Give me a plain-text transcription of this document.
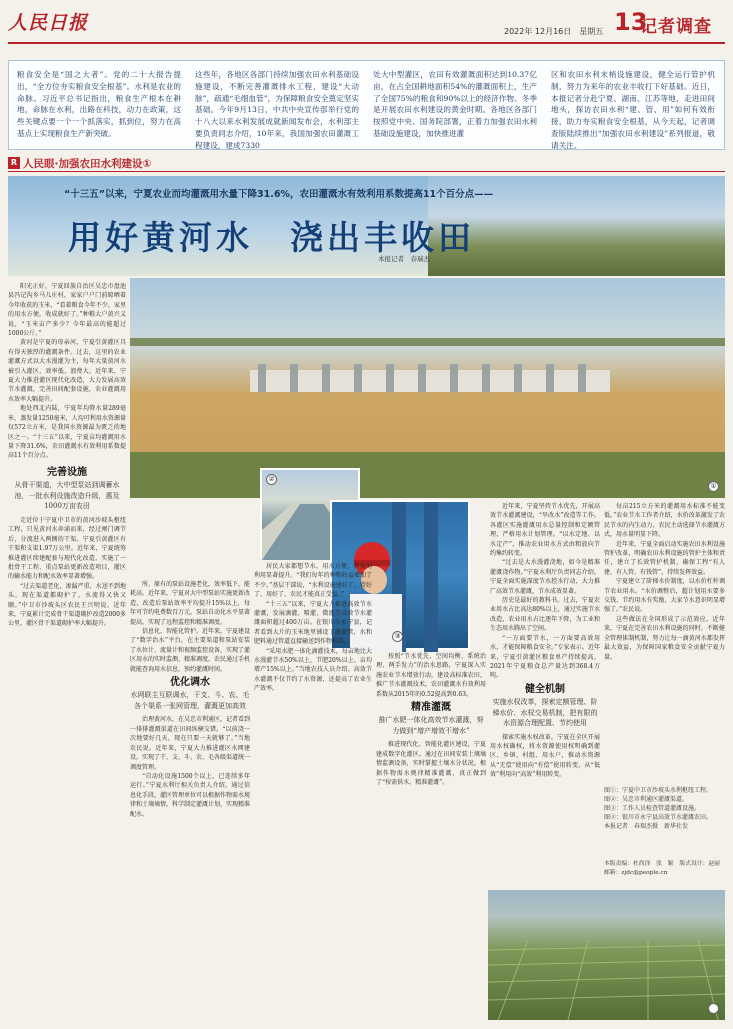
人民日报	2022年 12月16日　星期五 13
记者调查
粮食安全是“国之大者”。党的二十大报告提出，“全方位夯实粮食安全根基”。水利是农业的命脉。习近平总书记指出，粮食生产根本在耕地，命脉在水利，出路在科技，动力在政策，这些关键点要一个一个抓落实，抓到位，努力在高基点上实现粮食生产新突破。
这些年，各地区各部门持续加强农田水利基础设施建设，不断完善灌溉排水工程，建设“大动脉”，疏通“毛细血管”，为保障粮食安全奠定坚实基础。今年9月13日，中共中央宣传部举行党的十八大以来水利发展成就新闻发布会，水利部主要负责同志介绍，10年来，我国加强农田灌溉工程建设，建成7330
处大中型灌区，农田有效灌溉面积达到10.37亿亩，在占全国耕地面积54%的灌溉面积上，生产了全国75%的粮食和90%以上的经济作物。冬季是开展农田水利建设的黄金时期。各地区各部门按照党中央、国务院部署，正着力加强农田水利基础设施建设，加快推进灌
区和农田水利末梢设施建设，健全运行管护机制，努力为来年的农业丰收打下好基础。近日，本报记者分赴宁夏、湖南、江苏等地，走进田间地头，探访农田水利“建、管、用”如何有效衔接，助力夯实粮食安全根基，从今天起，记者调查版陆续推出“加强农田水利建设”系列报道，敬请关注。
R 人民眼·加强农田水利建设①
“十三五”以来，宁夏农业而均灌溉用水量下降31.6%，农田灌溉水有效利用系数提高11个百分点——
用好黄河水　浇出丰收田
本报记者　春瑞杰
①
②
③

阳光正好，宁夏回族自治区吴忠市盘池县冯记沟乡马儿庄村，家家户户门前晾晒着今年收获的玉米，“看着粮食今年不少，家里的用水方便，收成就好了。”种粮大户黄兴义说，“玉米亩产多少？今年最高的能超过1000公斤。”

黄河是宁夏的母亲河，宁夏引黄灌区具有得天独厚的灌溉条件。过去，这里的农业灌溉方式以大水漫灌为主，每年大量黄河水被引入灌区，效率低、浪费大。近年来，宁夏大力推进灌区现代化改造，大力发展高效节水灌溉，完善田间配套设施，农业灌溉用水效率大幅提升。

地处西北内陆，宁夏年均降水量289毫米，蒸发量1250毫米，人均可利用水资源量仅572立方米，是我国水资源最为匮乏的地区之一。“十三五”以来，宁夏亩均灌溉用水量下降31.6%，农田灌溉水有效利用系数提高11个百分点。

完善设施

从骨干渠道，大中型泵站到调蓄水池，一批水利设施改造升级，惠及1000万亩农田

走近位于宁夏中卫市的黄河沙坡头枢纽工程，只见黄河水奔涌而来，经过闸门调节后，分流进入两侧的干渠。宁夏引黄灌区有干渠和支渠1.97万公里。近年来，宁夏统筹推进灌区续建配套与现代化改造，实施了一批骨干工程、重点泵站更新改造项目，灌区的输水能力和配水效率显著增强。

“过去渠道老化，渗漏严重，水送不到地头，现在渠道都砌护了，水流得又快又顺。”中卫市沙坡头区农民王兴明说。近年来，宁夏累计完成骨干渠道砌护改造2000多公里，灌区骨干渠道砌护率大幅提升。

所。原有的泵站设施老化，效率低下，能耗高。近年来，宁夏对大中型泵站实施更新改造，改造后泵站效率平均提升15%以上，每年可节约电费数百万元。泵站自动化水平显著提高，实现了远程监控和精准调度。

信息化、智能化管护。近年来，宁夏建设了“数字治水”平台，在主要渠道和泵站安装了水位计、流量计和视频监控设备，实现了灌区用水的实时监测、精准调度。农民通过手机就能查询用水信息，预约灌溉时间。

优化调水

水网联主互联调水，干支、斗、农、毛各个渠系一张网管理，灌溉更加高效

治理黄河水，在吴忠市利通区，记者看到一排排灌溉渠道在田间纵横交错。“以前浇一次地要好几天，现在只要一天就够了。”当地农民说。近年来，宁夏大力推进灌区水网建设，实现了干、支、斗、农、毛各级渠道统一调度管理。

“自动化设施1500个以上，已连续多年运行。”宁夏水利厅相关负责人介绍，通过信息化手段，灌区管理单位可以根据作物需水规律和土壤墒情，科学制定灌溉计划，实现精准配水。

居民大家都想节水，用水方便，效益的利用显著提升。“我们每年的种粮收益增加了不少。”基层干部说，“水利设施建好了，管好了，用好了，农民才能真正受益。”

“十三五”以来，宁夏大力推进高效节水灌溉，发展滴灌、喷灌、微灌等高效节水灌溉面积超过400万亩。在银川市永宁县，记者看到大片的玉米地里铺设了滴灌管，水和肥料通过管道直接输送到作物根部。

“采用水肥一体化滴灌技术，每亩地比大水漫灌节水50%以上，节肥20%以上，亩均增产15%以上。”当地农技人员介绍。高效节水灌溉不仅节约了水资源，还提高了农业生产效率。

按照“节水优先、空间均衡、系统治理、两手发力”的治水思路，宁夏深入实施农业节水增效行动，建设高标准农田，推广节水灌溉技术，农田灌溉水有效利用系数从2015年的0.52提高到0.63。

精准灌溉

推广水肥一体化高效节水灌溉，努力做到“增产增效不增水”

推进现代化、智能化灌区建设，宁夏建成数字化灌区。通过在田间安装土壤墒情监测设备，实时掌握土壤水分状况，根据作物需水规律精准灌溉，真正做到了“按需供水、精准灌溉”。

近年来，宁夏坚持节水优先，开展高效节水灌溉建设，“旱改水”改造等工作。各灌区实施灌溉用水总量控制和定额管理，严格用水计划管理。“以水定地、以水定产”，推动农业用水方式由粗放向节约集约转变。

“过去是大水漫灌浇地，如今是精准灌溉浇作物。”宁夏水利厅负责同志介绍，宁夏全面实施深度节水控水行动，大力推广高效节水灌溉，节水成效显著。

历史是最好的教科书。过去，宁夏农业用水占比高达80%以上，通过实施节水改造，农业用水占比逐年下降，为工业和生态用水腾出了空间。

“一方面要节水，一方面要高效用水，才能保障粮食安全。”专家表示。近年来，宁夏引黄灌区粮食单产持续提高，2021年宁夏粮食总产量达到368.4万吨。

健全机制

实施水权改革，探索定额管理、阶梯水价、水权交易机制，把有限的水资源合理配置、节约使用

探索实施水权改革，宁夏在全区开展用水权确权，将水资源使用权明确到灌区、乡镇、村组、用水户，推动水资源从“无偿”使用向“有偿”使用转变，从“低效”利用向“高效”利用转变。

每亩215立方米的灌溉用水标准不能变低。”农业节水工作者介绍，水价改革激发了农民节水的内生动力，农民主动选择节水灌溉方式，用水量明显下降。

近年来，宁夏全面启动实施农田水利设施管护改革，明确农田水利设施的管护主体和责任，建立了长效管护机制，确保工程“有人建、有人管、有钱管”，持续发挥效益。

宁夏建立了阶梯水价制度，以水价杠杆调节农业用水。“水价调整后，超计划用水要多交钱，节约用水有奖励，大家节水意识明显增强了。”农民说。

这些做法在全国形成了示范效应。近年来，宁夏在完善农田水利设施的同时，不断健全管理体制机制，努力让每一滴黄河水都发挥最大效益，为保障国家粮食安全贡献宁夏力量。

图①：宁夏中卫市沙坡头水利枢纽工程。
图②：吴忠市利通区灌溉渠道。
图③：工作人员检查管道灌溉设施。
图④：银川市永宁县高效节水灌溉农田。
本报记者　春瑞杰摄　新华社发
本版责编：杜尚泽　张　颖　版式设计：赵丽
邮箱：zjdc@people.cn
